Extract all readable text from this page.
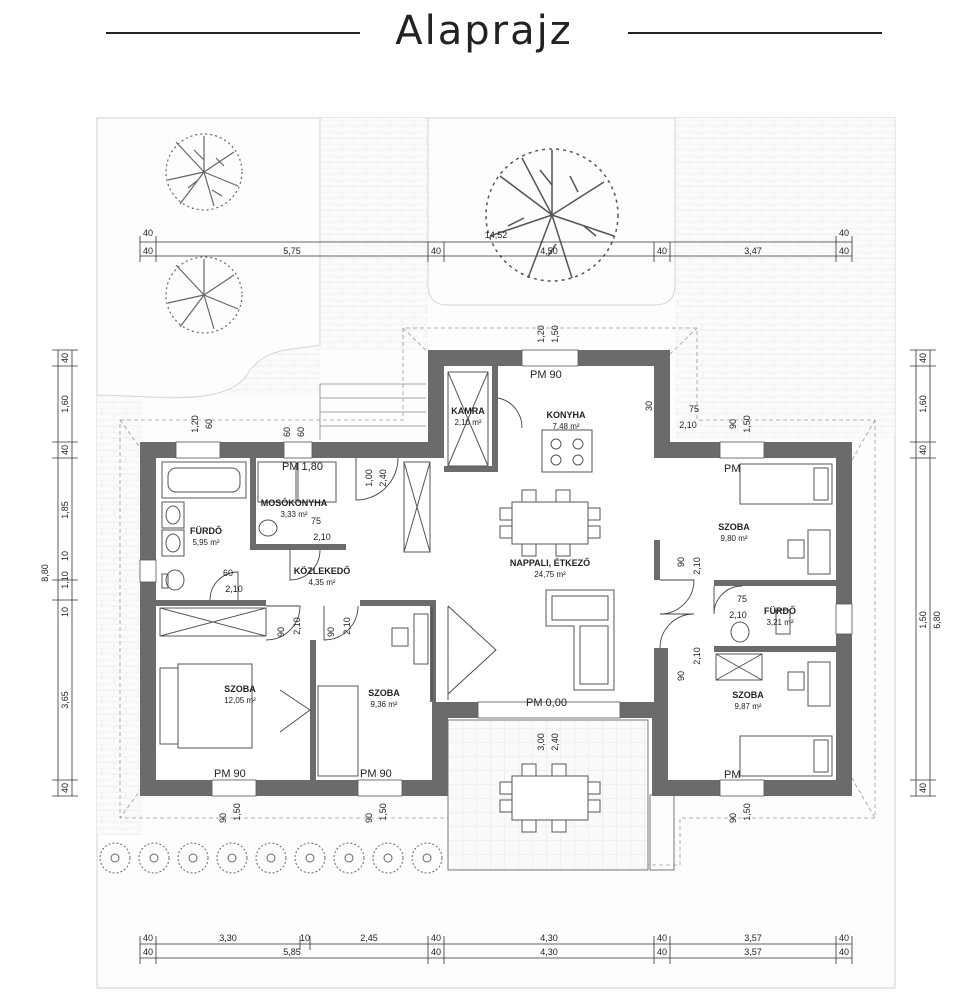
Alaprajz
KAMRA
2,10 m²
KONYHA
7,48 m²
MOSÓKONYHA
3,33 m²
FÜRDŐ
5,95 m²
KÖZLEKEDŐ
4,35 m²
NAPPALI, ÉTKEZŐ
24,75 m²
SZOBA
9,80 m²
FÜRDŐ
3,21 m²
SZOBA
9,87 m²
SZOBA
12,05 m²
SZOBA
9,36 m²
PM 90
PM 1,80
PM 0,00
PM 90	PM 90
PM
PM
14,52
40	40
40	5,75	40	4,50	40	3,47	40
40	3,30	10	2,45	40	4,30	40	3,57	40
40	5,85	40	4,30	40	3,57	40
8,80
40
1,60
40
1,85
10
1,10
10
3,65
40
6,80
40
1,60
40
1,50
40
1,20 1,50
1,20 60
60 60
30	75
2,10	90 1,50
1,00 2,40
75
2,10
60
2,10
90 2,10	90 2,10
90 2,10
75
2,10
90
2,10
3,00 2,40
90 1,50	90 1,50	90 1,50
